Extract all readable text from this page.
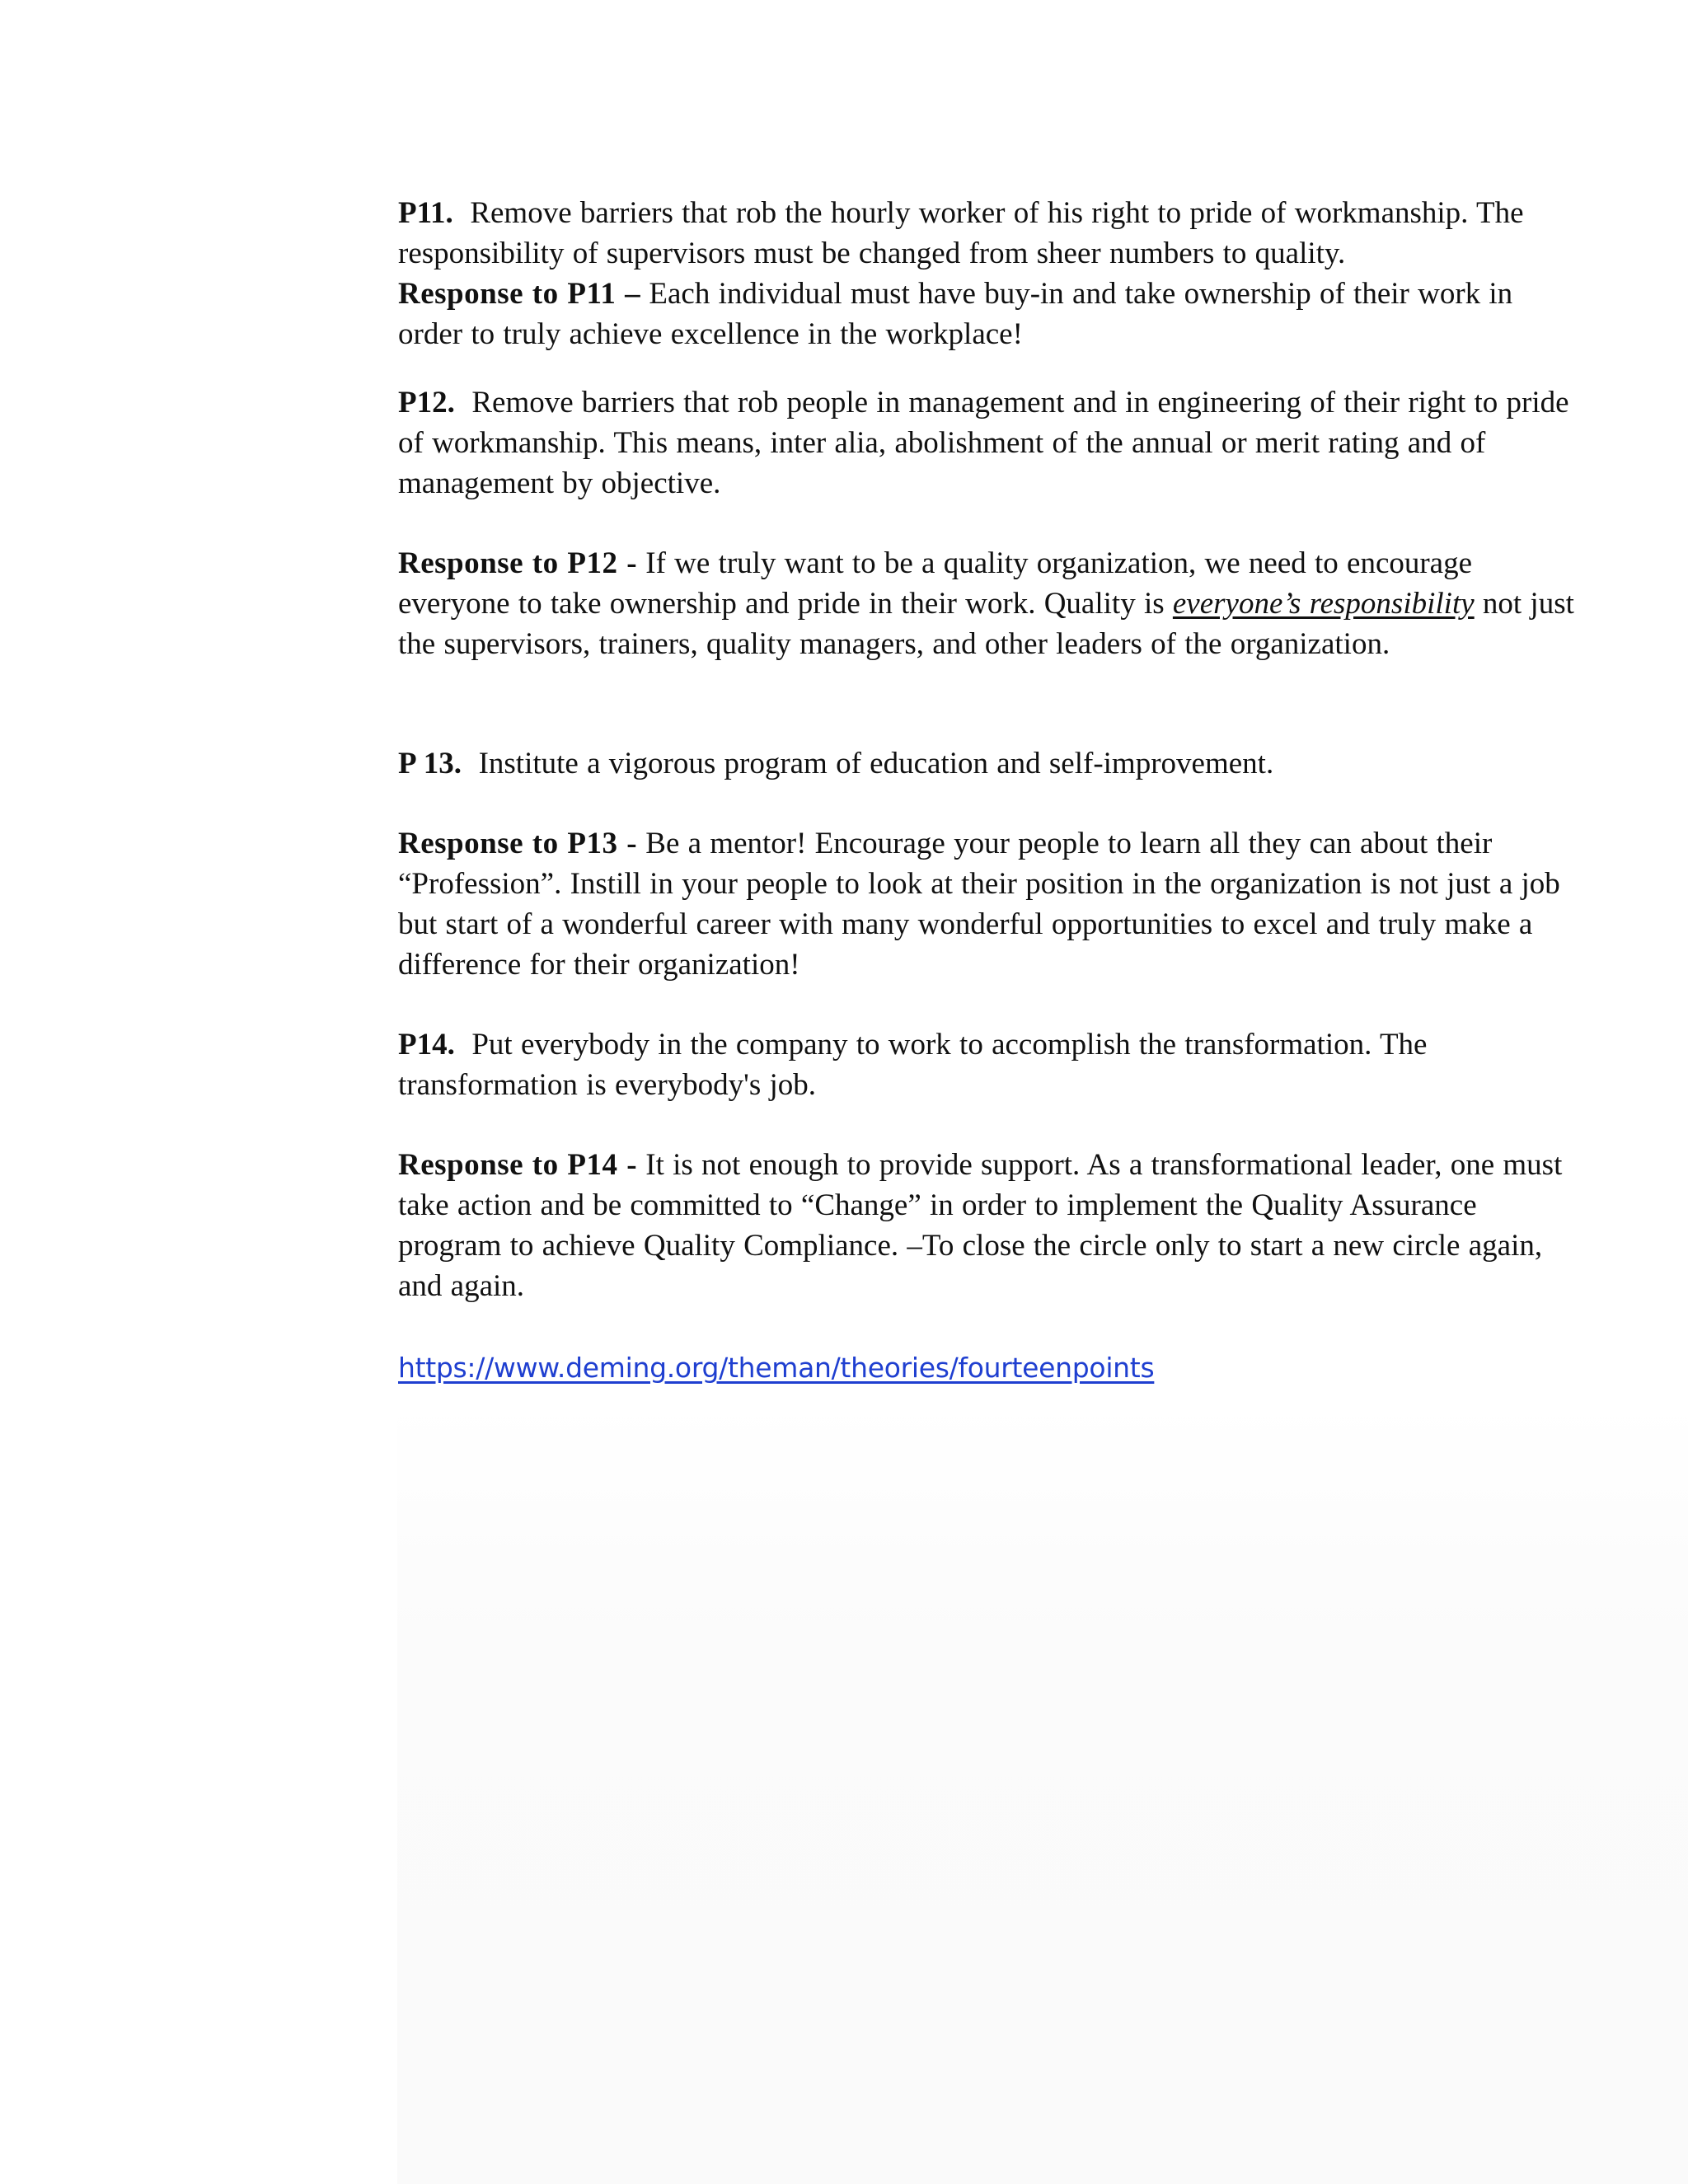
P11. Remove barriers that rob the hourly worker of his right to pride of workmanship. The responsibility of supervisors must be changed from sheer numbers to quality.
Response to P11 – Each individual must have buy-in and take ownership of their work in order to truly achieve excellence in the workplace!

P12. Remove barriers that rob people in management and in engineering of their right to pride of workmanship. This means, inter alia, abolishment of the annual or merit rating and of management by objective.

Response to P12 - If we truly want to be a quality organization, we need to encourage everyone to take ownership and pride in their work. Quality is everyone’s responsibility not just the supervisors, trainers, quality managers, and other leaders of the organization.

P 13. Institute a vigorous program of education and self-improvement.

Response to P13 - Be a mentor! Encourage your people to learn all they can about their “Profession”. Instill in your people to look at their position in the organization is not just a job but start of a wonderful career with many wonderful opportunities to excel and truly make a difference for their organization!

P14. Put everybody in the company to work to accomplish the transformation. The transformation is everybody's job.

Response to P14 - It is not enough to provide support. As a transformational leader, one must take action and be committed to “Change” in order to implement the Quality Assurance program to achieve Quality Compliance. –To close the circle only to start a new circle again, and again.

https://www.deming.org/theman/theories/fourteenpoints
